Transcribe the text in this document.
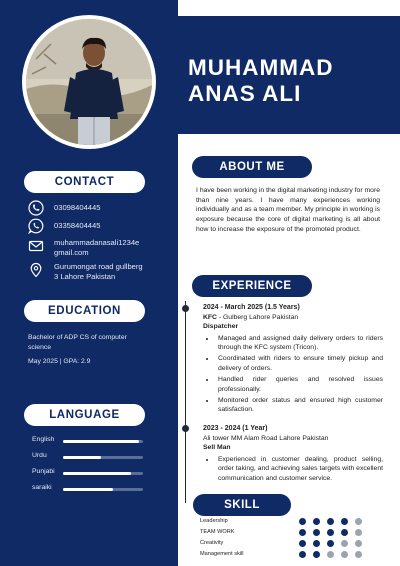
CONTACT
03098404445
03358404445
muhammadanasali1234e gmail.com
Gurumongat road gullberg 3 Lahore Pakistan
EDUCATION
Bachelor of ADP CS of computer science
May 2025 | GPA: 2.9
LANGUAGE
English
Urdu
Punjabi
saraiki
MUHAMMAD
ANAS ALI
ABOUT ME
I have been working in the digital marketing industry for more than nine years. I have many experiences working individually and as a team member. My principle in working is exposure because the core of digital marketing is all about how to increase the exposure of the promoted product.
EXPERIENCE
2024 - March 2025 (1.5 Years)
KFC - Gulberg Lahore Pakistan
Dispatcher
• Managed and assigned daily delivery orders to riders through the KFC system (Tricon).
• Coordinated with riders to ensure timely pickup and delivery of orders.
• Handled rider queries and resolved issues professionally.
• Monitored order status and ensured high customer satisfaction.
2023 - 2024 (1 Year)
Ali tower MM Alam Road Lahore Pakistan
Sell Man
• Experienced in customer dealing, product selling, order taking, and achieving sales targets with excellent communication and customer service.
SKILL
Leadership
TEAM WORK
Creativity
Management skill
